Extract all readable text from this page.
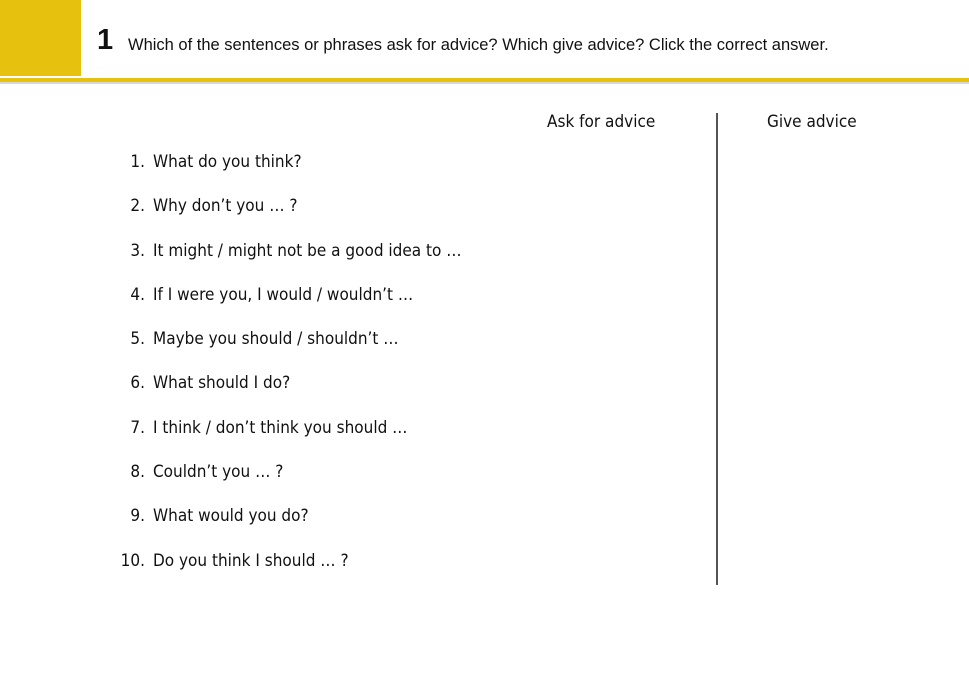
1 Which of the sentences or phrases ask for advice? Which give advice? Click the correct answer.
Ask for advice	Give advice
1. What do you think?
2. Why don’t you … ?
3. It might / might not be a good idea to …
4. If I were you, I would / wouldn’t …
5. Maybe you should / shouldn’t …
6. What should I do?
7. I think / don’t think you should …
8. Couldn’t you … ?
9. What would you do?
10. Do you think I should … ?
